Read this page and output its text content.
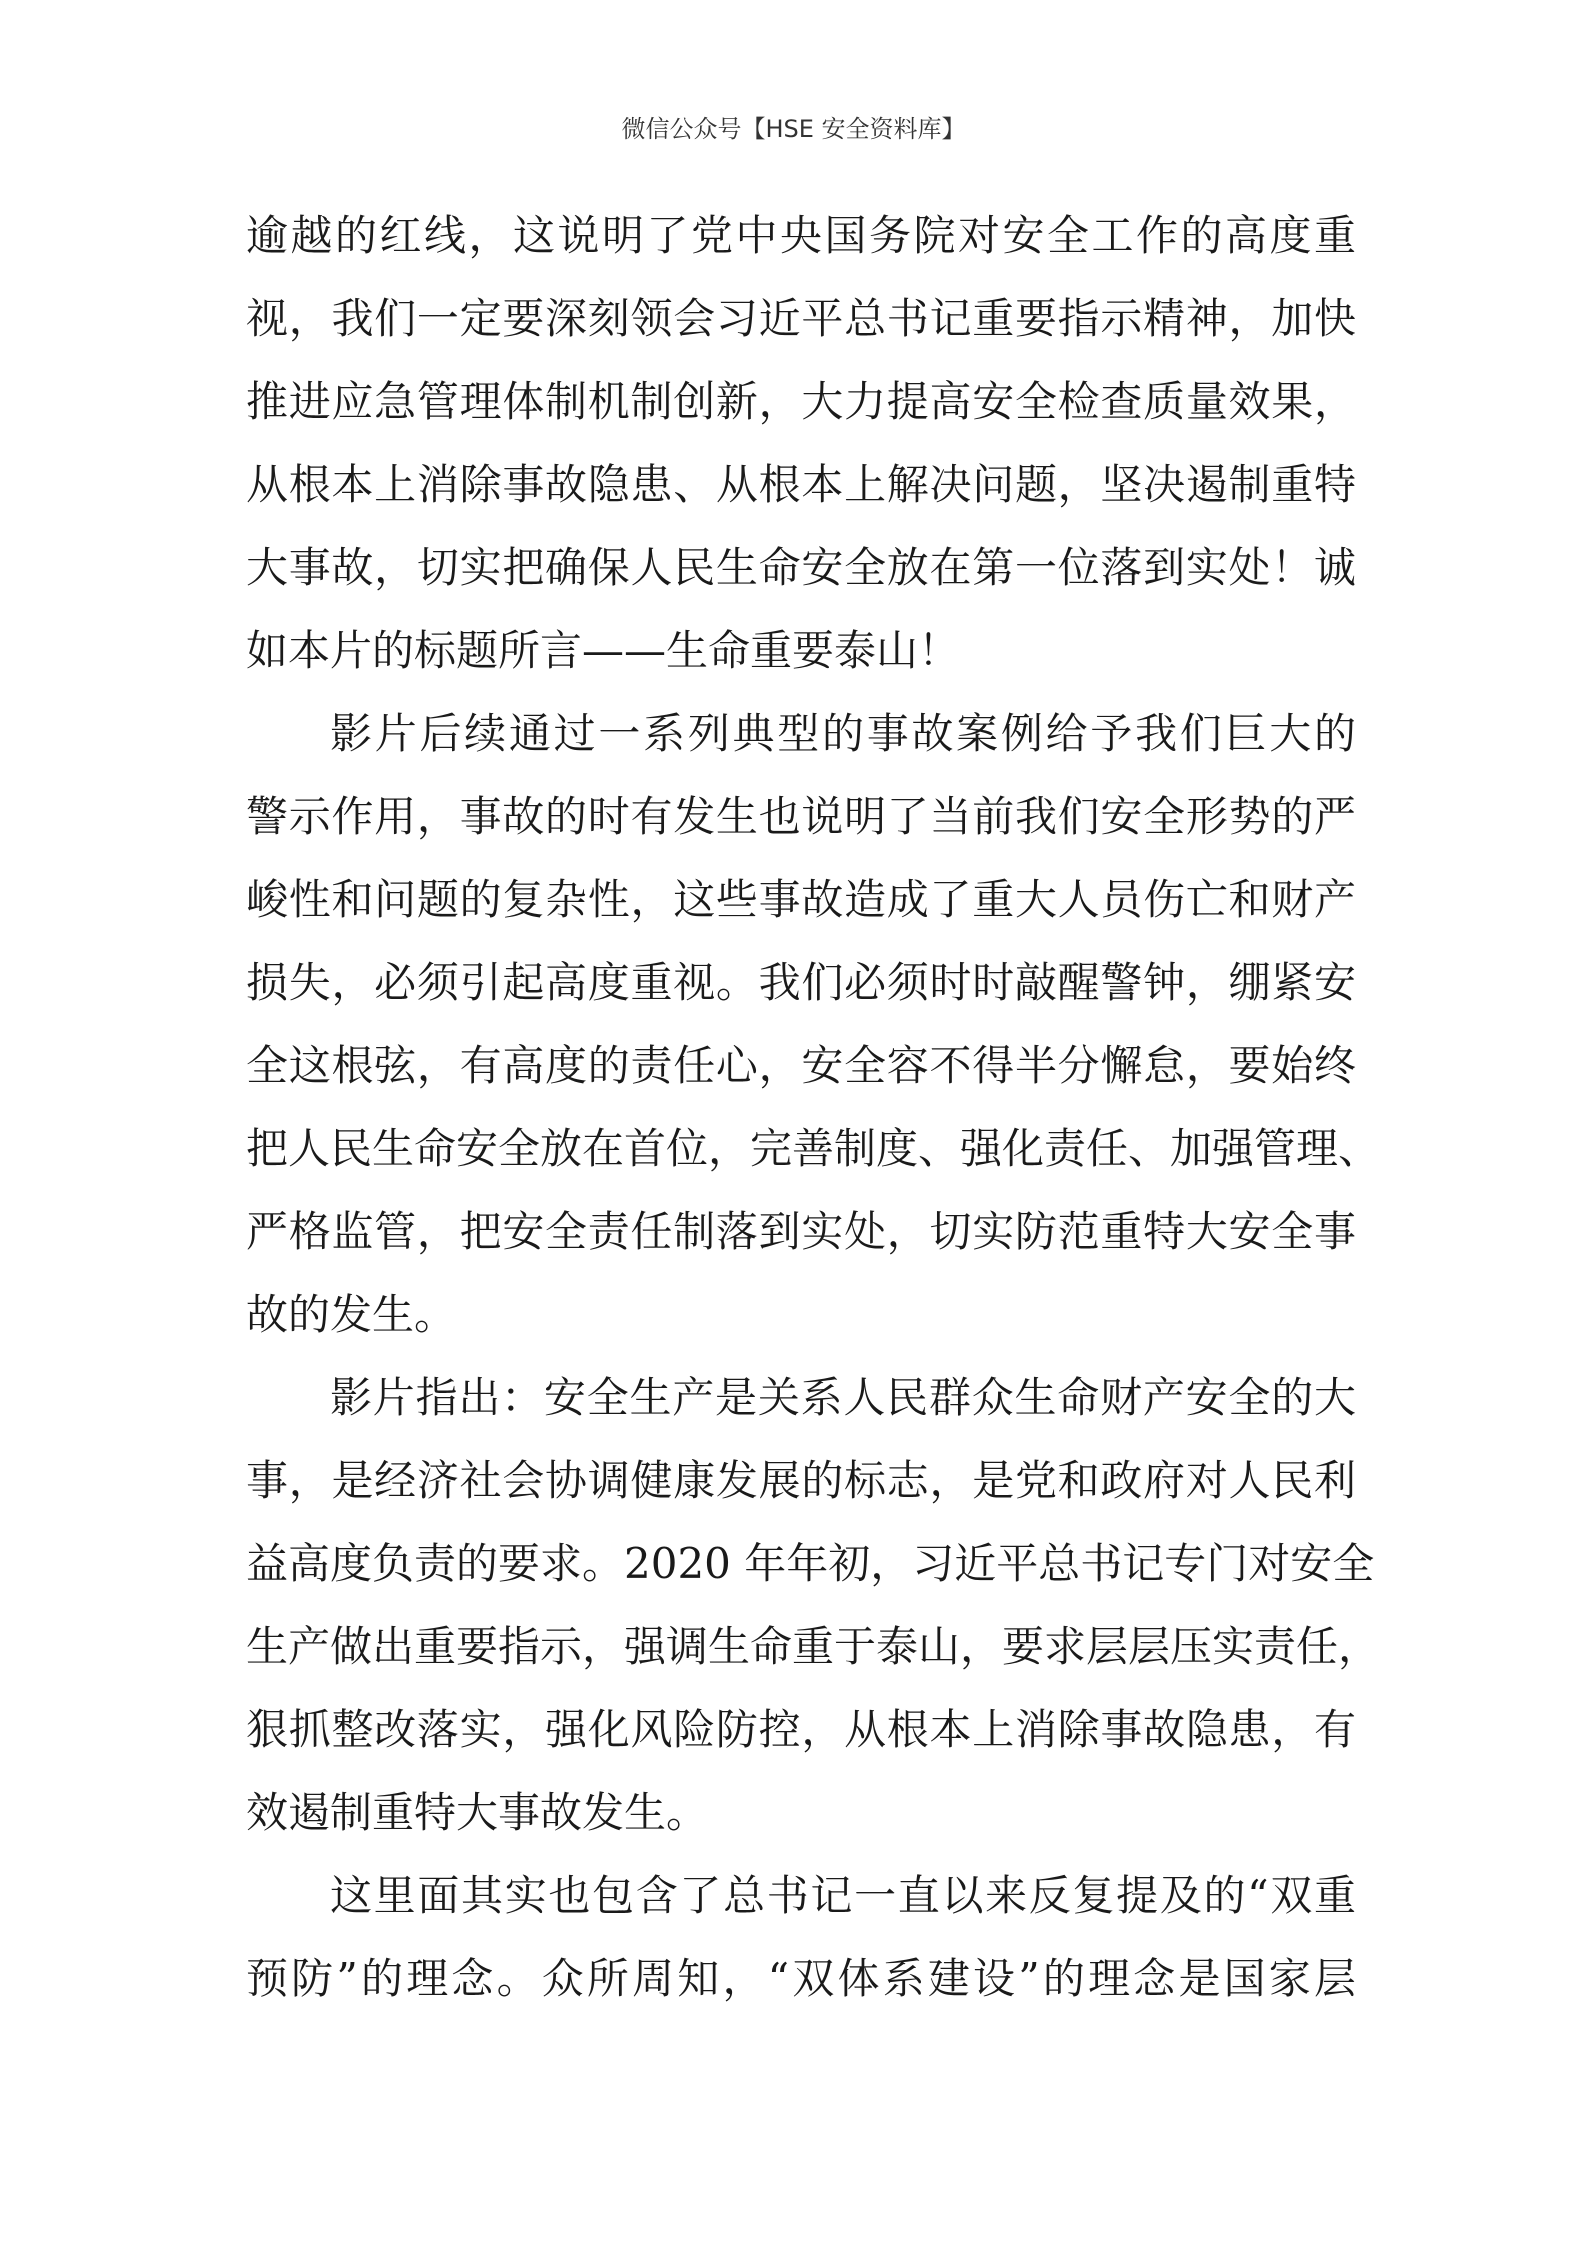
微信公众号【HSE 安全资料库】
逾越的红线，这说明了党中央国务院对安全工作的高度重
视，我们一定要深刻领会习近平总书记重要指示精神，加快
推进应急管理体制机制创新，大力提高安全检查质量效果，
从根本上消除事故隐患、从根本上解决问题，坚决遏制重特
大事故，切实把确保人民生命安全放在第一位落到实处！诚
如本片的标题所言——生命重要泰山！
影片后续通过一系列典型的事故案例给予我们巨大的
警示作用，事故的时有发生也说明了当前我们安全形势的严
峻性和问题的复杂性，这些事故造成了重大人员伤亡和财产
损失，必须引起高度重视。我们必须时时敲醒警钟，绷紧安
全这根弦，有高度的责任心，安全容不得半分懈怠，要始终
把人民生命安全放在首位，完善制度、强化责任、加强管理、
严格监管，把安全责任制落到实处，切实防范重特大安全事
故的发生。
影片指出：安全生产是关系人民群众生命财产安全的大
事，是经济社会协调健康发展的标志，是党和政府对人民利
益高度负责的要求。2020 年年初，习近平总书记专门对安全
生产做出重要指示，强调生命重于泰山，要求层层压实责任，
狠抓整改落实，强化风险防控，从根本上消除事故隐患，有
效遏制重特大事故发生。
这里面其实也包含了总书记一直以来反复提及的“双重
预防”的理念。众所周知，“双体系建设”的理念是国家层
